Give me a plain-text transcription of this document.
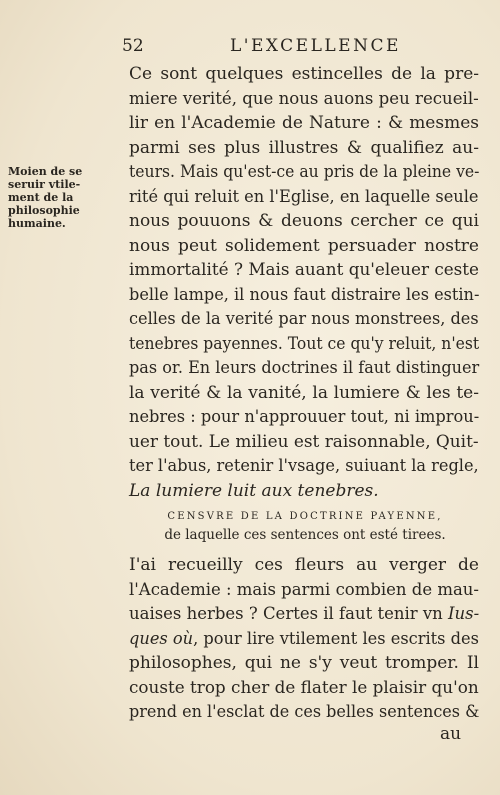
52	L'EXCELLENCE
Moien de se
seruir vtile-
ment de la
philosophie
humaine.
Ce sont quelques estincelles de la pre-
miere verité, que nous auons peu recueil-
lir en l'Academie de Nature : & mesmes
parmi ses plus illustres & qualifiez au-
teurs. Mais qu'est-ce au pris de la pleine ve-
rité qui reluit en l'Eglise, en laquelle seule
nous pouuons & deuons cercher ce qui
nous peut solidement persuader nostre
immortalité ? Mais auant qu'eleuer ceste
belle lampe, il nous faut distraire les estin-
celles de la verité par nous monstrees, des
tenebres payennes. Tout ce qu'y reluit, n'est
pas or. En leurs doctrines il faut distinguer
la verité & la vanité, la lumiere & les te-
nebres : pour n'approuuer tout, ni improu-
uer tout. Le milieu est raisonnable, Quit-
ter l'abus, retenir l'vsage, suiuant la regle,
La lumiere luit aux tenebres.
CENSVRE DE LA DOCTRINE PAYENNE,
de laquelle ces sentences ont esté tirees.
I'ai recueilly ces fleurs au verger de
l'Academie : mais parmi combien de mau-
uaises herbes ? Certes il faut tenir vn Ius-
ques où, pour lire vtilement les escrits des
philosophes, qui ne s'y veut tromper. Il
couste trop cher de flater le plaisir qu'on
prend en l'esclat de ces belles sentences &
au
